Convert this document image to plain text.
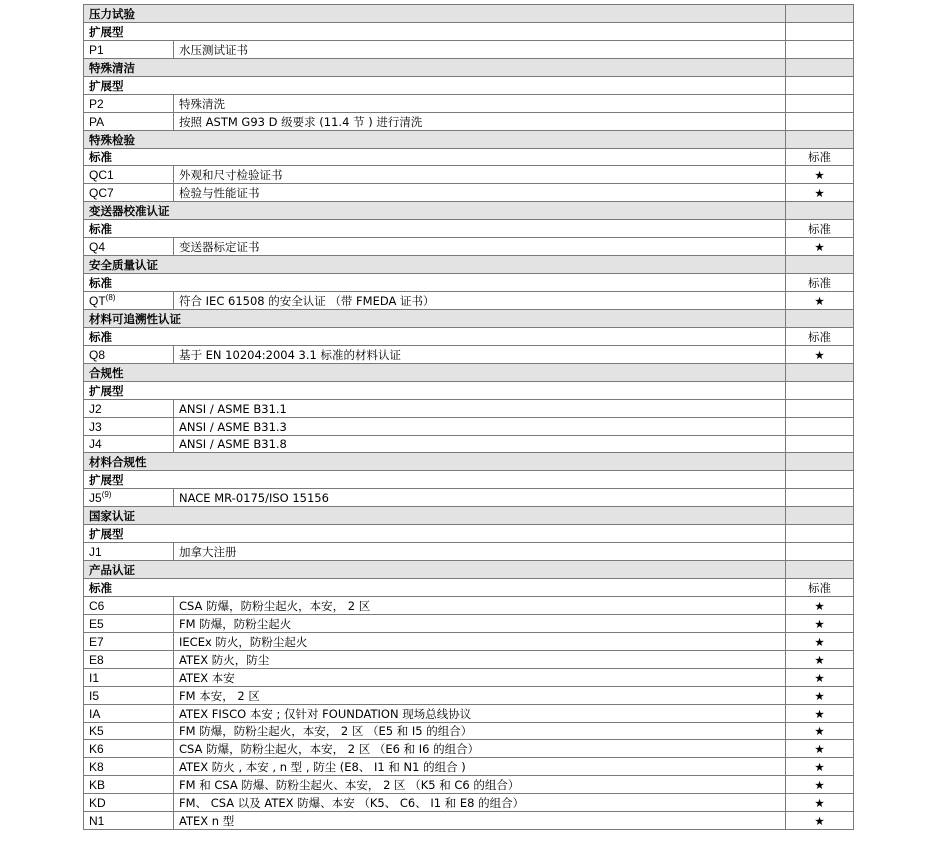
压力试验		
扩展型		
P1	水压测试证书	
特殊清洁		
扩展型		
P2	特殊清洗	
PA	按照 ASTM G93 D 级要求 (11.4 节 ) 进行清洗	
特殊检验		
标准		标准
QC1	外观和尺寸检验证书	★
QC7	检验与性能证书	★
变送器校准认证		
标准		标准
Q4	变送器标定证书	★
安全质量认证		
标准		标准
QT$^{(8)}$	符合 IEC 61508 的安全认证 （带 FMEDA 证书）	★
材料可追溯性认证		
标准		标准
Q8	基于 EN 10204:2004 3.1 标准的材料认证	★
合规性		
扩展型		
J2	ANSI / ASME B31.1	
J3	ANSI / ASME B31.3	
J4	ANSI / ASME B31.8	
材料合规性		
扩展型		
J5$^{(9)}$	NACE MR-0175/ISO 15156	
国家认证		
扩展型		
J1	加拿大注册	
产品认证		
标准		标准
C6	CSA 防爆，防粉尘起火，本安， 2 区	★
E5	FM 防爆，防粉尘起火	★
E7	IECEx 防火，防粉尘起火	★
E8	ATEX 防火，防尘	★
I1	ATEX 本安	★
I5	FM 本安， 2 区	★
IA	ATEX FISCO 本安 ; 仅针对 FOUNDATION 现场总线协议	★
K5	FM 防爆，防粉尘起火，本安， 2 区 （E5 和 I5 的组合）	★
K6	CSA 防爆，防粉尘起火，本安， 2 区 （E6 和 I6 的组合）	★
K8	ATEX 防火 , 本安 , n 型 , 防尘 (E8、 I1 和 N1 的组合 )	★
KB	FM 和 CSA 防爆、防粉尘起火、本安， 2 区 （K5 和 C6 的组合）	★
KD	FM、 CSA 以及 ATEX 防爆、本安 （K5、 C6、 I1 和 E8 的组合）	★
N1	ATEX n 型	★
